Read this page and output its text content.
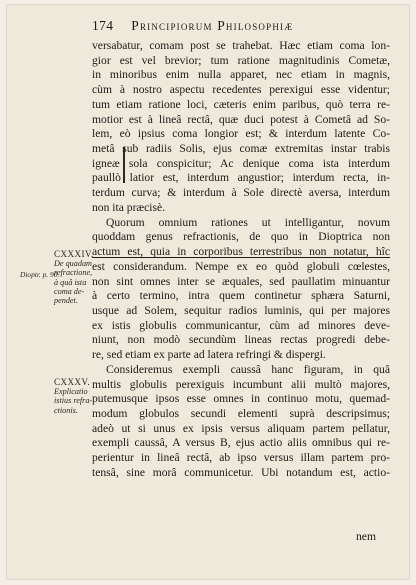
174 Principiorum Philosophiæ
versabatur, comam post se trahebat. Hæc etiam coma lon-
gior est vel brevior; tum ratione magnitudinis Cometæ,
in minoribus enim nulla apparet, nec etiam in magnis,
cùm à nostro aspectu recedentes perexigui esse videntur;
tum etiam ratione loci, cæteris enim paribus, quò terra re-
motior est à lineâ rectâ, quæ duci potest à Cometâ ad So-
lem, eò ipsius coma longior est; & interdum latente Co-
metâ sub radiis Solis, ejus comæ extremitas instar trabis
igneæ sola conspicitur; Ac denique coma ista interdum
paullò latior est, interdum angustior; interdum recta, in-
terdum curva; & interdum à Sole directè aversa, interdum
non ita præcisè.
Quorum omnium rationes ut intelligantur, novum
quoddam genus refractionis, de quo in Dioptrica non
actum est, quia in corporibus terrestribus non notatur, hîc
est considerandum. Nempe ex eo quòd globuli cœlestes,
non sint omnes inter se æquales, sed paullatim minuantur
à certo termino, intra quem continetur sphæra Saturni,
usque ad Solem, sequitur radios luminis, qui per majores
ex istis globulis communicantur, cùm ad minores deve-
niunt, non modò secundùm lineas rectas progredi debe-
re, sed etiam ex parte ad latera refringi & dispergi.
Consideremus exempli caussâ hanc figuram, in quâ
multis globulis perexiguis incumbunt alii multò majores,
putemusque ipsos esse omnes in continuo motu, quemad-
modum globulos secundi elementi suprà descripsimus;
adeò ut si unus ex ipsis versus aliquam partem pellatur,
exempli caussâ, A versus B, ejus actio aliis omnibus qui re-
perientur in lineâ rectâ, ab ipso versus illam partem pro-
tensâ, sine morâ communicetur. Ubi notandum est, actio-
CXXXIV.
De quadam
refractione,
à quâ ista
coma de-
pendet.
Dioptr. p. 90.
CXXXV.
Explicatio
istius refra-
ctionis.
nem
